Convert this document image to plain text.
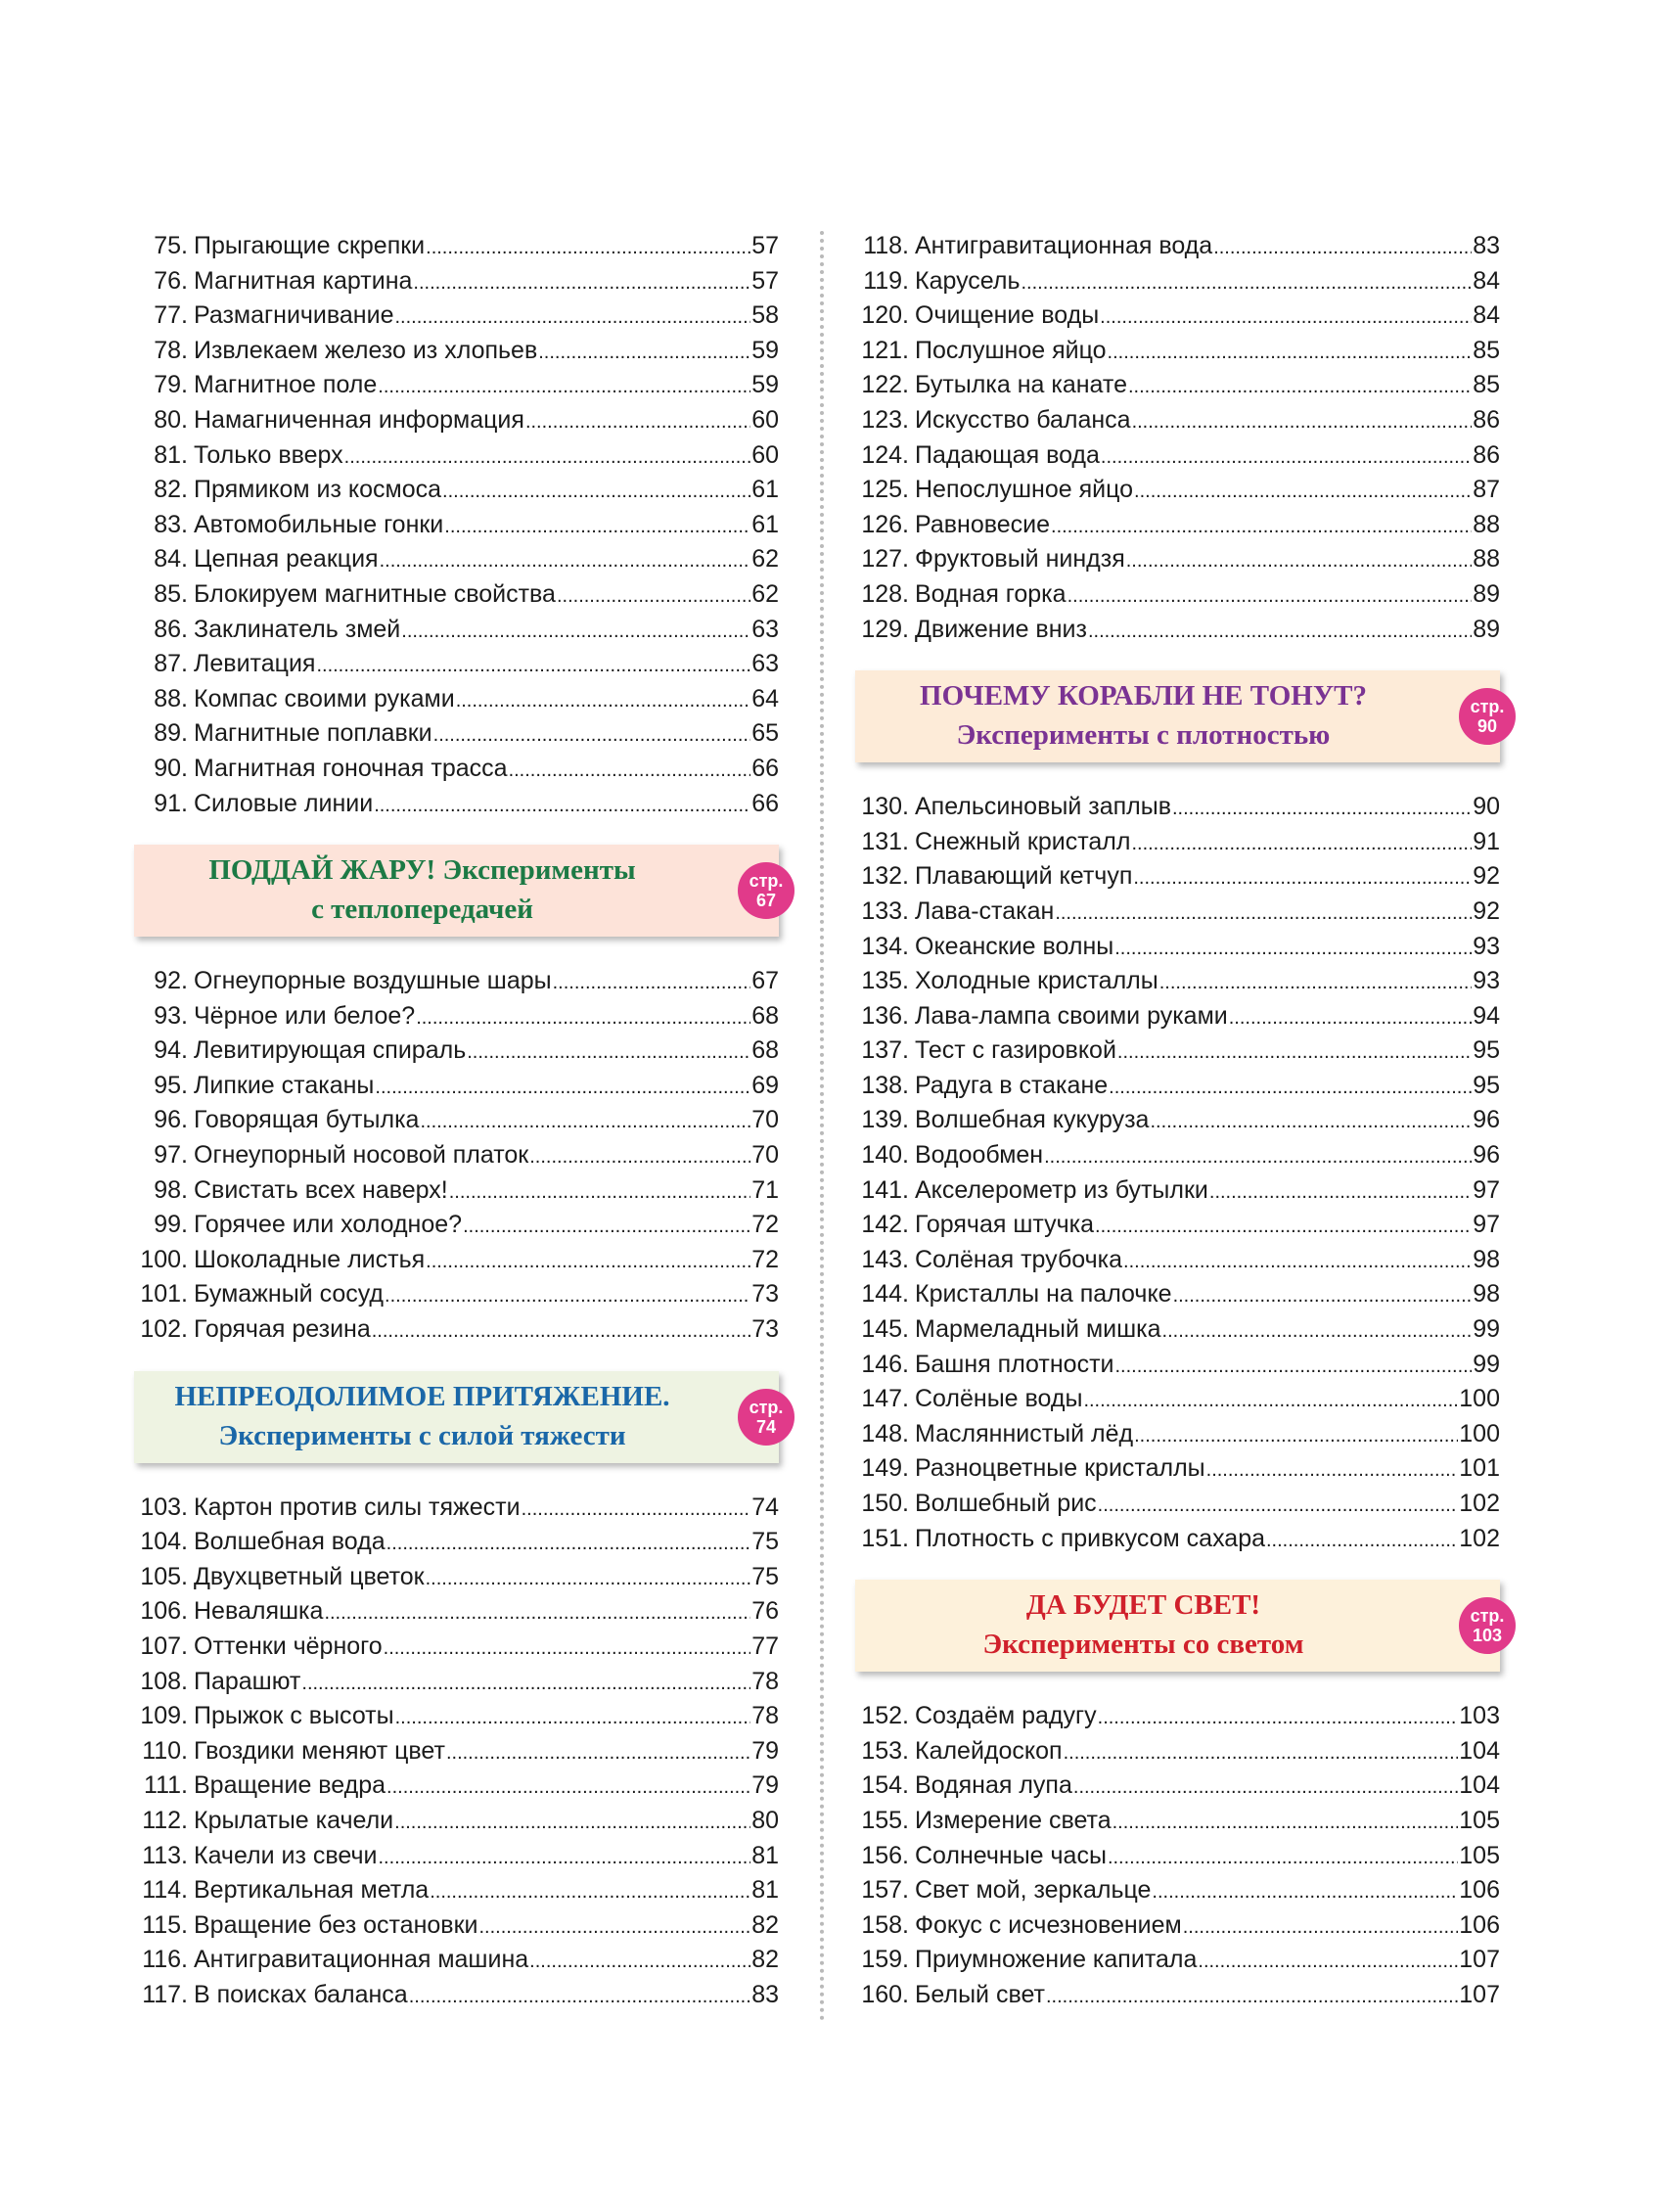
75. Прыгающие скрепки .....	57
76. Магнитная картина .....	57
77. Размагничивание .....	58
78. Извлекаем железо из хлопьев .....	59
79. Магнитное поле .....	59
80. Намагниченная информация .....	60
81. Только вверх .....	60
82. Прямиком из космоса .....	61
83. Автомобильные гонки .....	61
84. Цепная реакция .....	62
85. Блокируем магнитные свойства .....	62
86. Заклинатель змей .....	63
87. Левитация .....	63
88. Компас своими руками .....	64
89. Магнитные поплавки .....	65
90. Магнитная гоночная трасса .....	66
91. Силовые линии .....	66
ПОДДАЙ ЖАРУ! Эксперименты
с теплопередачей
стр.
67
92. Огнеупорные воздушные шары .....	67
93. Чёрное или белое? .....	68
94. Левитирующая спираль .....	68
95. Липкие стаканы .....	69
96. Говорящая бутылка .....	70
97. Огнеупорный носовой платок .....	70
98. Свистать всех наверх! .....	71
99. Горячее или холодное? .....	72
100. Шоколадные листья .....	72
101. Бумажный сосуд .....	73
102. Горячая резина .....	73
НЕПРЕОДОЛИМОЕ ПРИТЯЖЕНИЕ.
Эксперименты с силой тяжести
стр.
74
103. Картон против силы тяжести .....	74
104. Волшебная вода .....	75
105. Двухцветный цветок .....	75
106. Неваляшка .....	76
107. Оттенки чёрного .....	77
108. Парашют .....	78
109. Прыжок с высоты .....	78
110. Гвоздики меняют цвет .....	79
111. Вращение ведра .....	79
112. Крылатые качели .....	80
113. Качели из свечи .....	81
114. Вертикальная метла .....	81
115. Вращение без остановки .....	82
116. Антигравитационная машина .....	82
117. В поисках баланса .....	83
118. Антигравитационная вода .....	83
119. Карусель .....	84
120. Очищение воды .....	84
121. Послушное яйцо .....	85
122. Бутылка на канате .....	85
123. Искусство баланса .....	86
124. Падающая вода .....	86
125. Непослушное яйцо .....	87
126. Равновесие .....	88
127. Фруктовый ниндзя .....	88
128. Водная горка .....	89
129. Движение вниз .....	89
ПОЧЕМУ КОРАБЛИ НЕ ТОНУТ?
Эксперименты с плотностью
стр.
90
130. Апельсиновый заплыв .....	90
131. Снежный кристалл .....	91
132. Плавающий кетчуп .....	92
133. Лава-стакан .....	92
134. Океанские волны .....	93
135. Холодные кристаллы .....	93
136. Лава-лампа своими руками .....	94
137. Тест с газировкой .....	95
138. Радуга в стакане .....	95
139. Волшебная кукуруза .....	96
140. Водообмен .....	96
141. Акселерометр из бутылки .....	97
142. Горячая штучка .....	97
143. Солёная трубочка .....	98
144. Кристаллы на палочке .....	98
145. Мармеладный мишка .....	99
146. Башня плотности .....	99
147. Солёные воды .....	100
148. Масляннистый лёд .....	100
149. Разноцветные кристаллы .....	101
150. Волшебный рис .....	102
151. Плотность с привкусом сахара .....	102
ДА БУДЕТ СВЕТ!
Эксперименты со светом
стр.
103
152. Создаём радугу .....	103
153. Калейдоскоп .....	104
154. Водяная лупа .....	104
155. Измерение света .....	105
156. Солнечные часы .....	105
157. Свет мой, зеркальце .....	106
158. Фокус с исчезновением .....	106
159. Приумножение капитала .....	107
160. Белый свет .....	107
